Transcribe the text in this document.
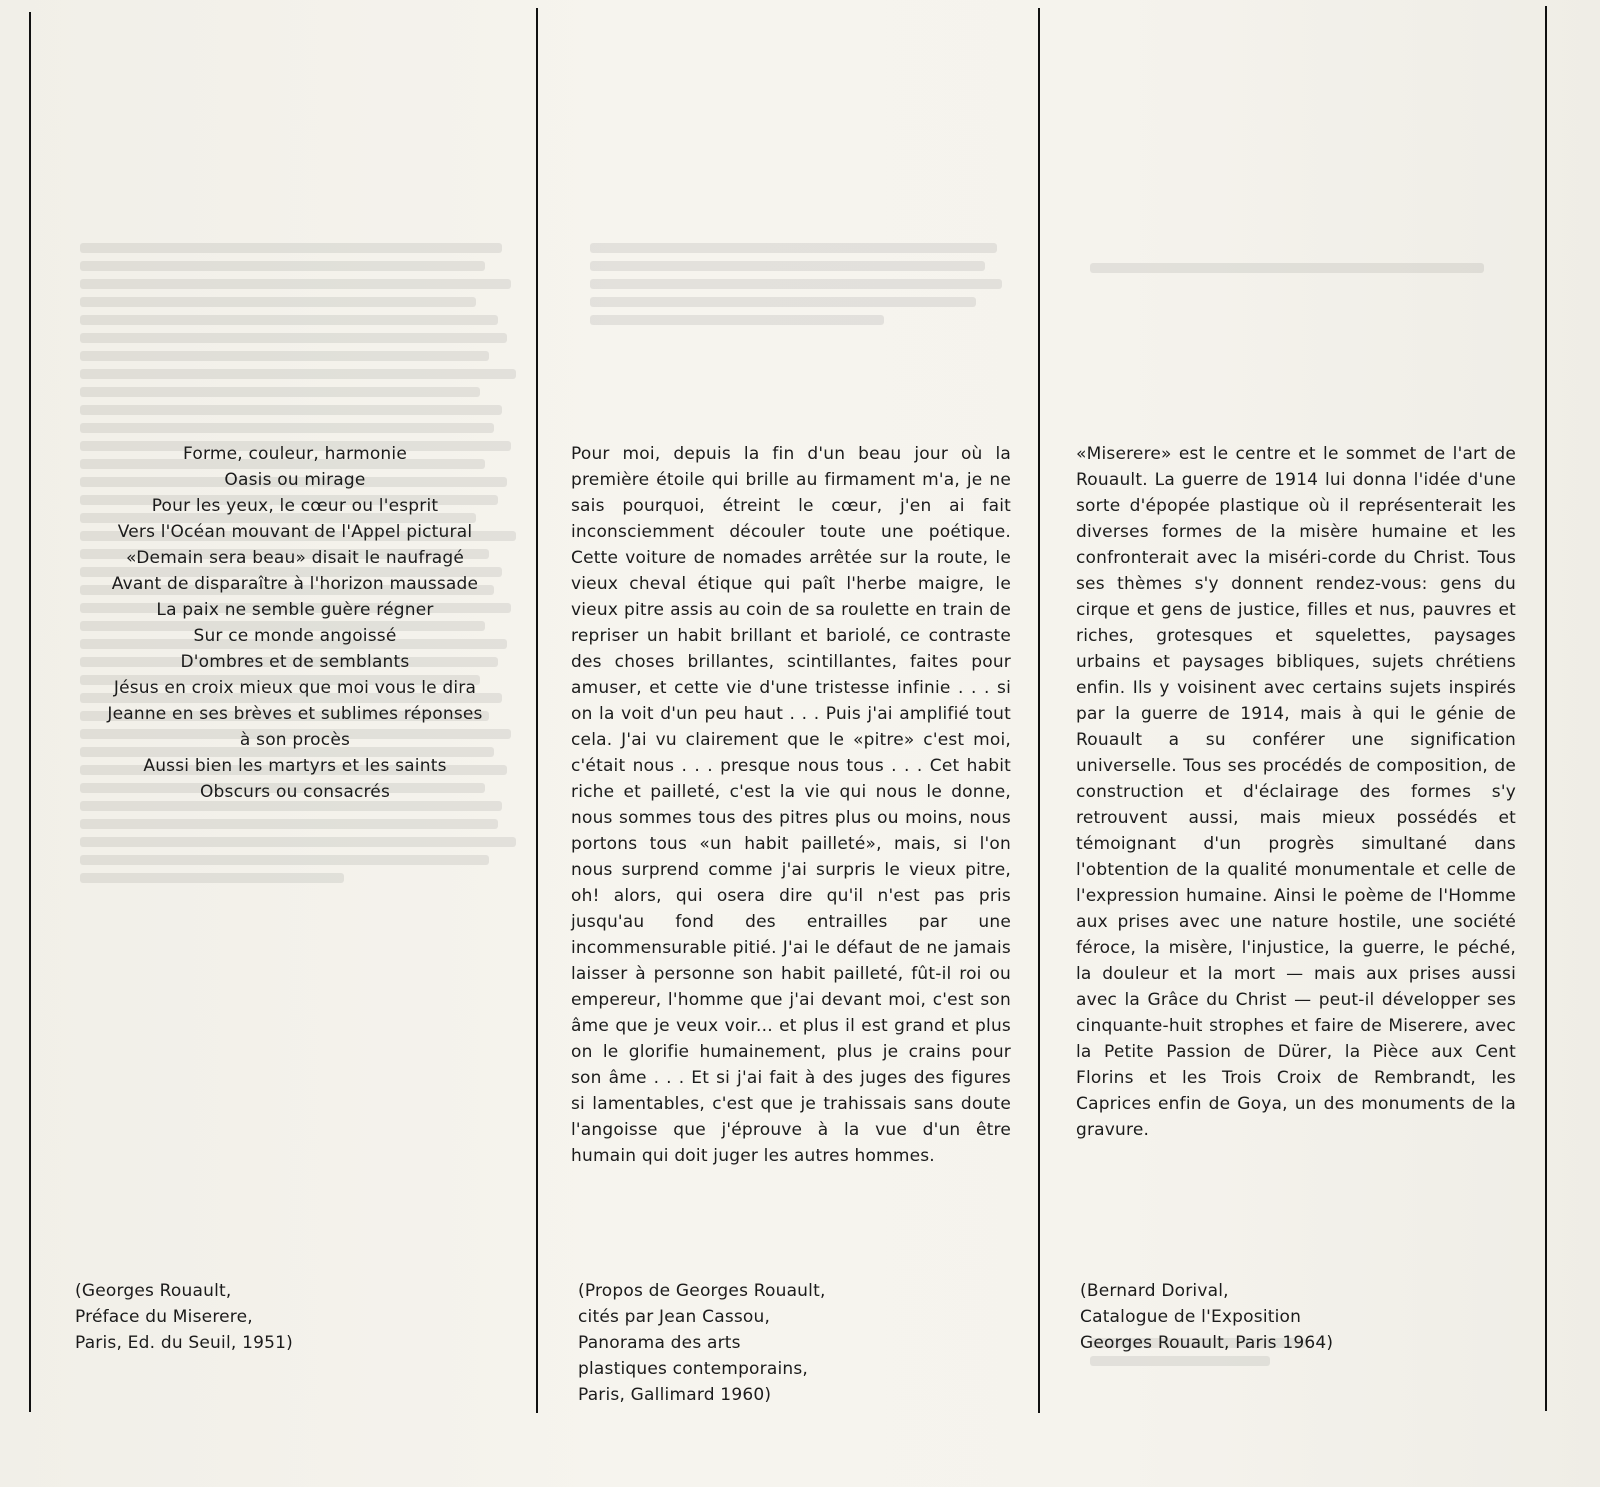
Forme, couleur, harmonie
Oasis ou mirage
Pour les yeux, le cœur ou l'esprit
Vers l'Océan mouvant de l'Appel pictural
«Demain sera beau» disait le naufragé
Avant de disparaître à l'horizon maussade
La paix ne semble guère régner
Sur ce monde angoissé
D'ombres et de semblants
Jésus en croix mieux que moi vous le dira
Jeanne en ses brèves et sublimes réponses
à son procès
Aussi bien les martyrs et les saints
Obscurs ou consacrés
Pour moi, depuis la fin d'un beau jour où la première étoile qui brille au firmament m'a, je ne sais pourquoi, étreint le cœur, j'en ai fait inconsciemment découler toute une poétique. Cette voiture de nomades arrêtée sur la route, le vieux cheval étique qui paît l'herbe maigre, le vieux pitre assis au coin de sa roulette en train de repriser un habit brillant et bariolé, ce contraste des choses brillantes, scintillantes, faites pour amuser, et cette vie d'une tristesse infinie . . . si on la voit d'un peu haut . . . Puis j'ai amplifié tout cela. J'ai vu clairement que le «pitre» c'est moi, c'était nous . . . presque nous tous . . . Cet habit riche et pailleté, c'est la vie qui nous le donne, nous sommes tous des pitres plus ou moins, nous portons tous «un habit pailleté», mais, si l'on nous surprend comme j'ai surpris le vieux pitre, oh! alors, qui osera dire qu'il n'est pas pris jusqu'au fond des entrailles par une incommensurable pitié. J'ai le défaut de ne jamais laisser à personne son habit pailleté, fût-il roi ou empereur, l'homme que j'ai devant moi, c'est son âme que je veux voir... et plus il est grand et plus on le glorifie humainement, plus je crains pour son âme . . . Et si j'ai fait à des juges des figures si lamentables, c'est que je trahissais sans doute l'angoisse que j'éprouve à la vue d'un être humain qui doit juger les autres hommes.
«Miserere» est le centre et le sommet de l'art de Rouault. La guerre de 1914 lui donna l'idée d'une sorte d'épopée plastique où il représenterait les diverses formes de la misère humaine et les confronterait avec la miséri-corde du Christ. Tous ses thèmes s'y donnent rendez-vous: gens du cirque et gens de justice, filles et nus, pauvres et riches, grotesques et squelettes, paysages urbains et paysages bibliques, sujets chrétiens enfin. Ils y voisinent avec certains sujets inspirés par la guerre de 1914, mais à qui le génie de Rouault a su conférer une signification universelle. Tous ses procédés de composition, de construction et d'éclairage des formes s'y retrouvent aussi, mais mieux possédés et témoignant d'un progrès simultané dans l'obtention de la qualité monumentale et celle de l'expression humaine. Ainsi le poème de l'Homme aux prises avec une nature hostile, une société féroce, la misère, l'injustice, la guerre, le péché, la douleur et la mort — mais aux prises aussi avec la Grâce du Christ — peut-il développer ses cinquante-huit strophes et faire de Miserere, avec la Petite Passion de Dürer, la Pièce aux Cent Florins et les Trois Croix de Rembrandt, les Caprices enfin de Goya, un des monuments de la gravure.
(Georges Rouault,
Préface du Miserere,
Paris, Ed. du Seuil, 1951)
(Propos de Georges Rouault,
cités par Jean Cassou,
Panorama des arts
plastiques contemporains,
Paris, Gallimard 1960)
(Bernard Dorival,
Catalogue de l'Exposition
Georges Rouault, Paris 1964)
